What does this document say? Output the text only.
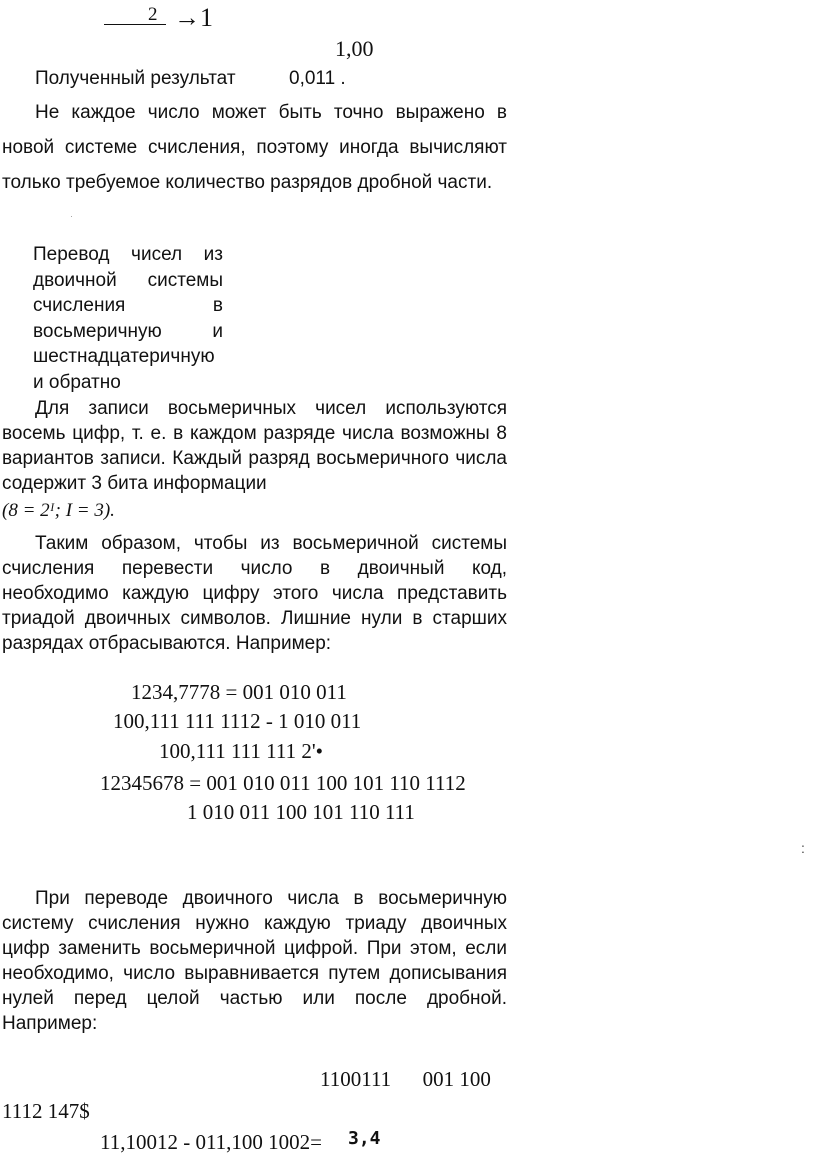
2 →1
1,00
Полученный результат	0,011 .

Не каждое число может быть точно выражено в новой системе счисления, поэтому иногда вычисляют только требуемое количество разрядов дробной части.

Перевод чисел из
двоичной системы
счисления в
восьмеричную и
шестнадцатеричную
и обратно

Для записи восьмеричных чисел используются восемь цифр, т. е. в каждом разряде числа возможны 8 вариантов записи. Каждый разряд восьмеричного числа содержит 3 бита информации

(8 = 2ᴵ; I = 3).

Таким образом, чтобы из восьмеричной системы счисления перевести число в двоичный код, необходимо каждую цифру этого числа представить триадой двоичных символов. Лишние нули в старших разрядах отбрасываются. Например:

1234,7778 = 001 010 011
100,111 111 1112 - 1 010 011
100,111 111 111 2'•
12345678 = 001 010 011 100 101 110 1112
1 010 011 100 101 110 111
:

При переводе двоичного числа в восьмеричную систему счисления нужно каждую триаду двоичных цифр заменить восьмеричной цифрой. При этом, если необходимо, число выравнивается путем дописывания нулей перед целой частью или после дробной. Например:

1100111      001 100
1112 147$
11,10012 - 011,100 1002= 3,4
